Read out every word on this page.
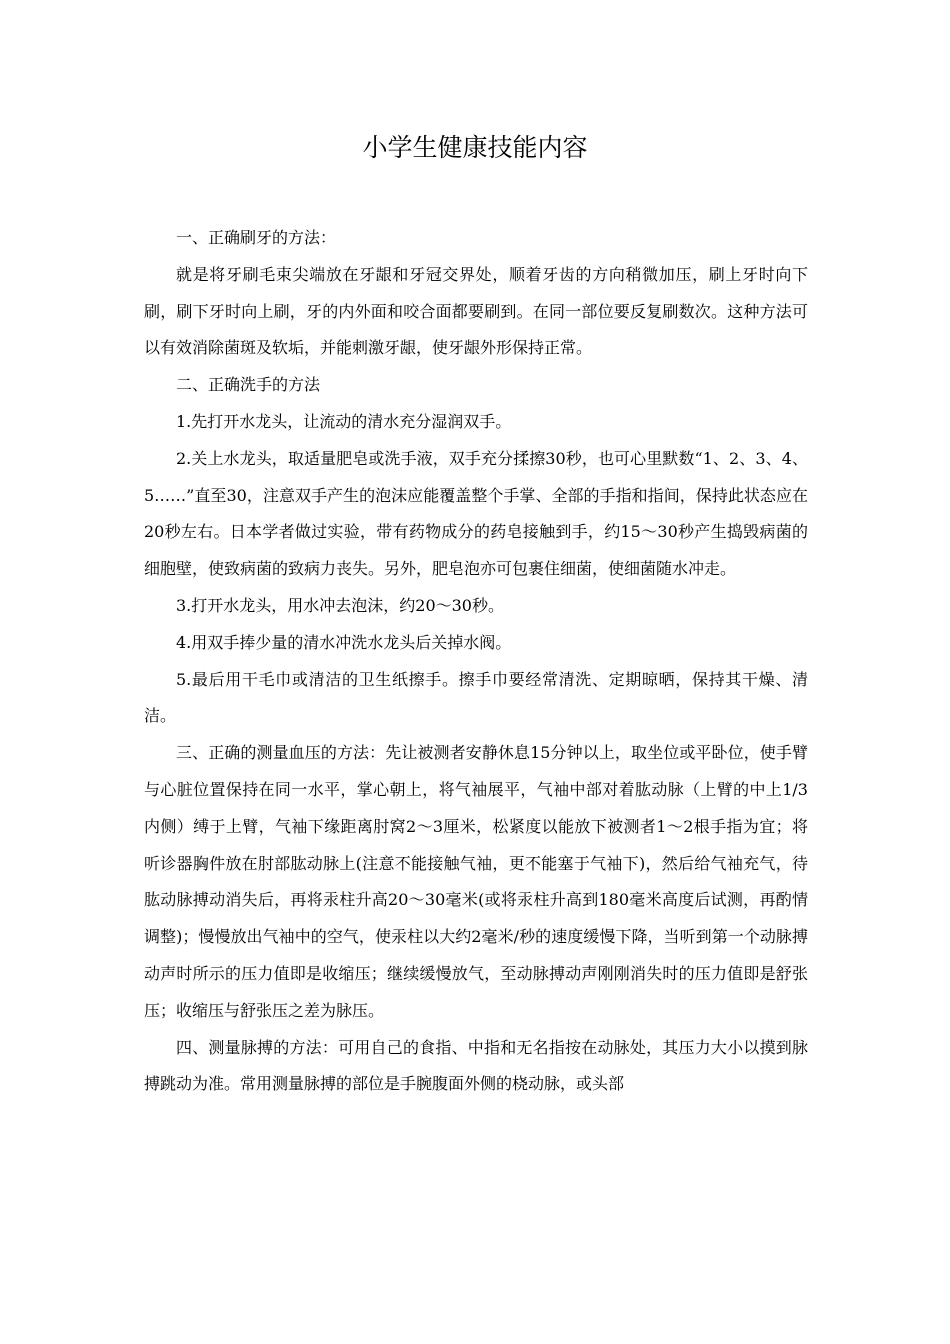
小学生健康技能内容

一、正确刷牙的方法：

就是将牙刷毛束尖端放在牙龈和牙冠交界处，顺着牙齿的方向稍微加压，刷上牙时向下刷，刷下牙时向上刷，牙的内外面和咬合面都要刷到。在同一部位要反复刷数次。这种方法可以有效消除菌斑及软垢，并能刺激牙龈，使牙龈外形保持正常。

二、正确洗手的方法

1.先打开水龙头，让流动的清水充分湿润双手。

2.关上水龙头，取适量肥皂或洗手液，双手充分揉擦30秒，也可心里默数“1、2、3、4、5……”直至30，注意双手产生的泡沫应能覆盖整个手掌、全部的手指和指间，保持此状态应在20秒左右。日本学者做过实验，带有药物成分的药皂接触到手，约15～30秒产生捣毁病菌的细胞壁，使致病菌的致病力丧失。另外，肥皂泡亦可包裹住细菌，使细菌随水冲走。

3.打开水龙头，用水冲去泡沫，约20～30秒。

4.用双手捧少量的清水冲洗水龙头后关掉水阀。

5.最后用干毛巾或清洁的卫生纸擦手。擦手巾要经常清洗、定期晾晒，保持其干燥、清洁。

三、正确的测量血压的方法：先让被测者安静休息15分钟以上，取坐位或平卧位，使手臂与心脏位置保持在同一水平，掌心朝上，将气袖展平，气袖中部对着肱动脉（上臂的中上1/3内侧）缚于上臂，气袖下缘距离肘窝2～3厘米，松紧度以能放下被测者1～2根手指为宜；将听诊器胸件放在肘部肱动脉上(注意不能接触气袖，更不能塞于气袖下)，然后给气袖充气，待肱动脉搏动消失后，再将汞柱升高20～30毫米(或将汞柱升高到180毫米高度后试测，再酌情调整)；慢慢放出气袖中的空气，使汞柱以大约2毫米/秒的速度缓慢下降，当听到第一个动脉搏动声时所示的压力值即是收缩压；继续缓慢放气，至动脉搏动声刚刚消失时的压力值即是舒张压；收缩压与舒张压之差为脉压。

四、测量脉搏的方法：可用自己的食指、中指和无名指按在动脉处，其压力大小以摸到脉搏跳动为准。常用测量脉搏的部位是手腕腹面外侧的桡动脉，或头部
